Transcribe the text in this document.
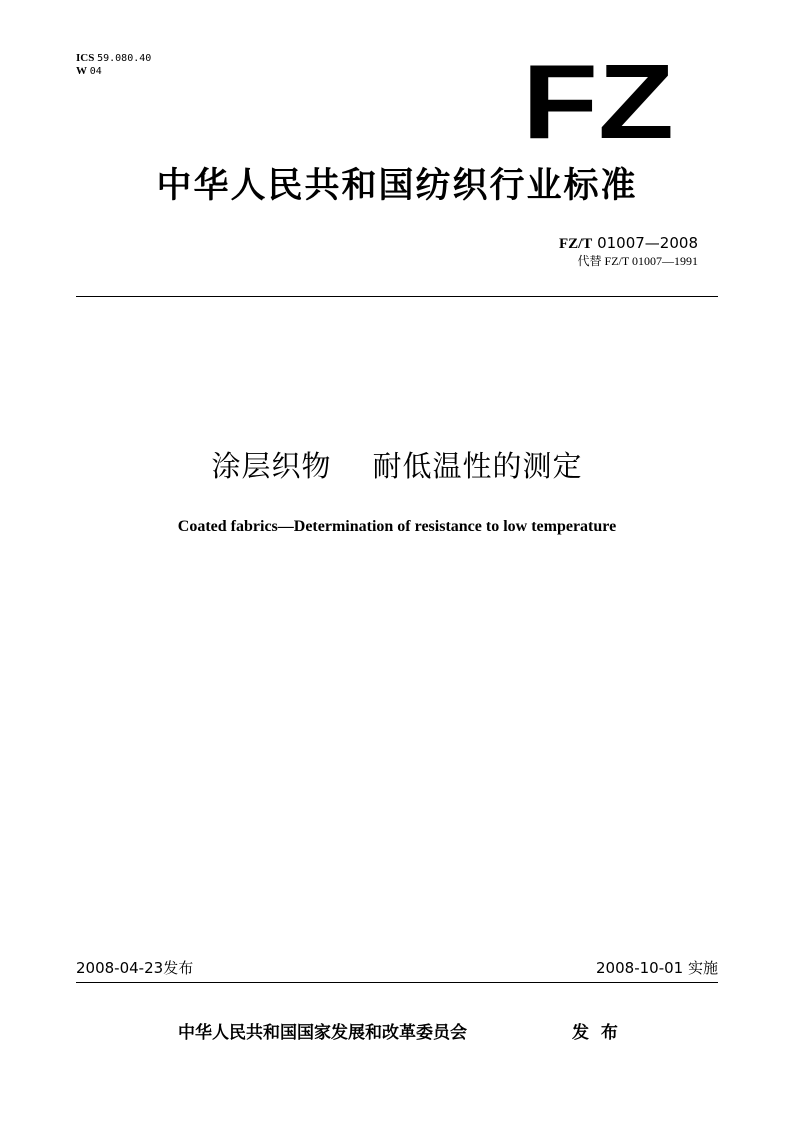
ICS 59.080.40
W 04	FZ
中华人民共和国纺织行业标准
FZ/T 01007—2008
代替 FZ/T 01007—1991
涂层织物 耐低温性的测定
Coated fabrics—Determination of resistance to low temperature
2008-04-23发布	2008-10-01 实施
中华人民共和国国家发展和改革委员会	发  布
